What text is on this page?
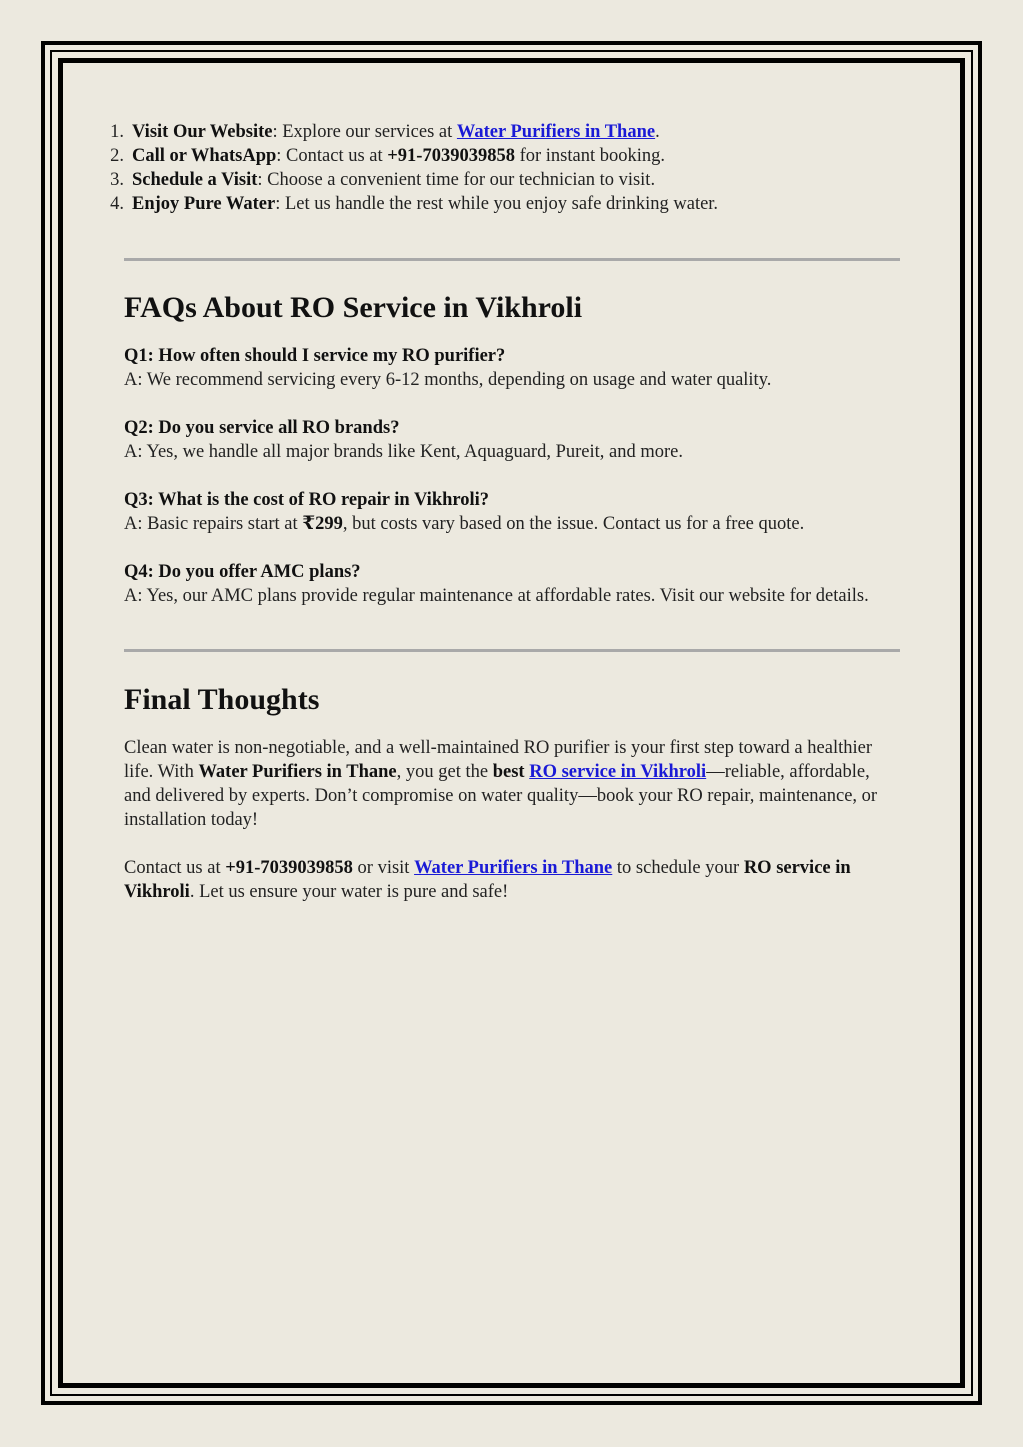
1. Visit Our Website: Explore our services at Water Purifiers in Thane.
2. Call or WhatsApp: Contact us at +91-7039039858 for instant booking.
3. Schedule a Visit: Choose a convenient time for our technician to visit.
4. Enjoy Pure Water: Let us handle the rest while you enjoy safe drinking water.
FAQs About RO Service in Vikhroli

Q1: How often should I service my RO purifier?

A: We recommend servicing every 6-12 months, depending on usage and water quality.

Q2: Do you service all RO brands?

A: Yes, we handle all major brands like Kent, Aquaguard, Pureit, and more.

Q3: What is the cost of RO repair in Vikhroli?

A: Basic repairs start at ₹299, but costs vary based on the issue. Contact us for a free quote.

Q4: Do you offer AMC plans?

A: Yes, our AMC plans provide regular maintenance at affordable rates. Visit our website for details.

Final Thoughts

Clean water is non-negotiable, and a well-maintained RO purifier is your first step toward a healthier life. With Water Purifiers in Thane, you get the best RO service in Vikhroli—reliable, affordable, and delivered by experts. Don’t compromise on water quality—book your RO repair, maintenance, or installation today!

Contact us at +91-7039039858 or visit Water Purifiers in Thane to schedule your RO service in Vikhroli. Let us ensure your water is pure and safe!
